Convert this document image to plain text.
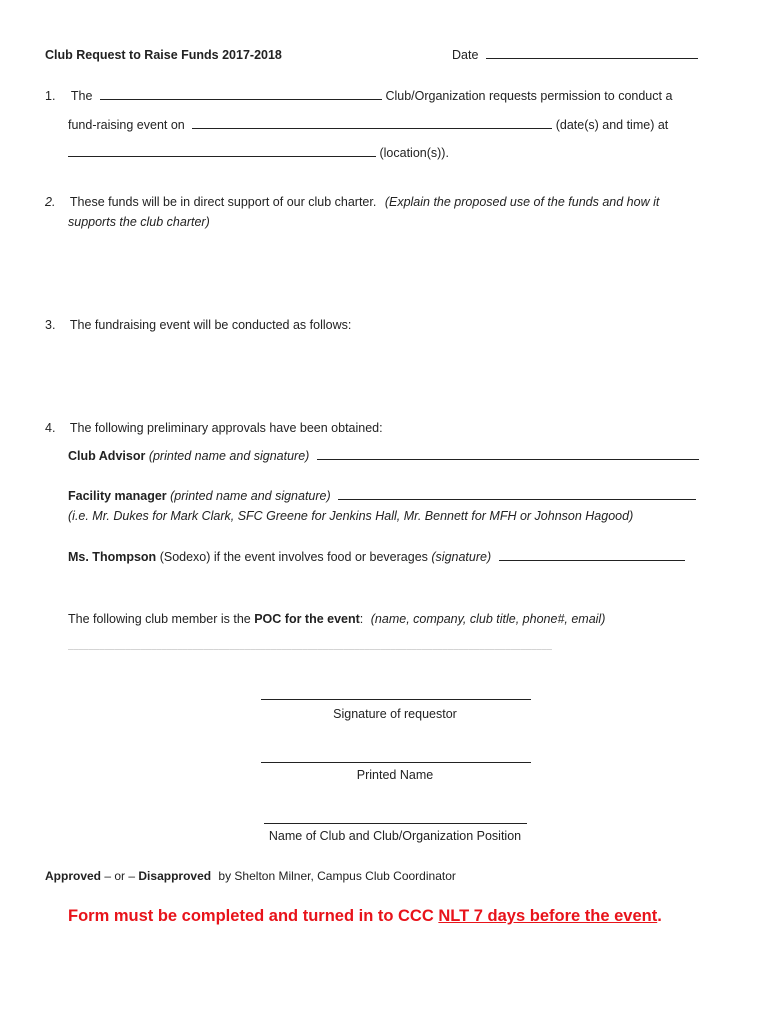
Club Request to Raise Funds 2017-2018	Date
1. The	Club/Organization requests permission to conduct a
fund-raising event on	(date(s) and time) at
(location(s)).
2. These funds will be in direct support of our club charter. (Explain the proposed use of the funds and how it
supports the club charter)
3. The fundraising event will be conducted as follows:
4. The following preliminary approvals have been obtained:
Club Advisor (printed name and signature)
Facility manager (printed name and signature)
(i.e. Mr. Dukes for Mark Clark, SFC Greene for Jenkins Hall, Mr. Bennett for MFH or Johnson Hagood)
Ms. Thompson (Sodexo) if the event involves food or beverages (signature)
The following club member is the POC for the event: (name, company, club title, phone#, email)
_____________________________________________________________________________________________
Signature of requestor
Printed Name
Name of Club and Club/Organization Position
Approved – or – Disapproved by Shelton Milner, Campus Club Coordinator
Form must be completed and turned in to CCC NLT 7 days before the event.
